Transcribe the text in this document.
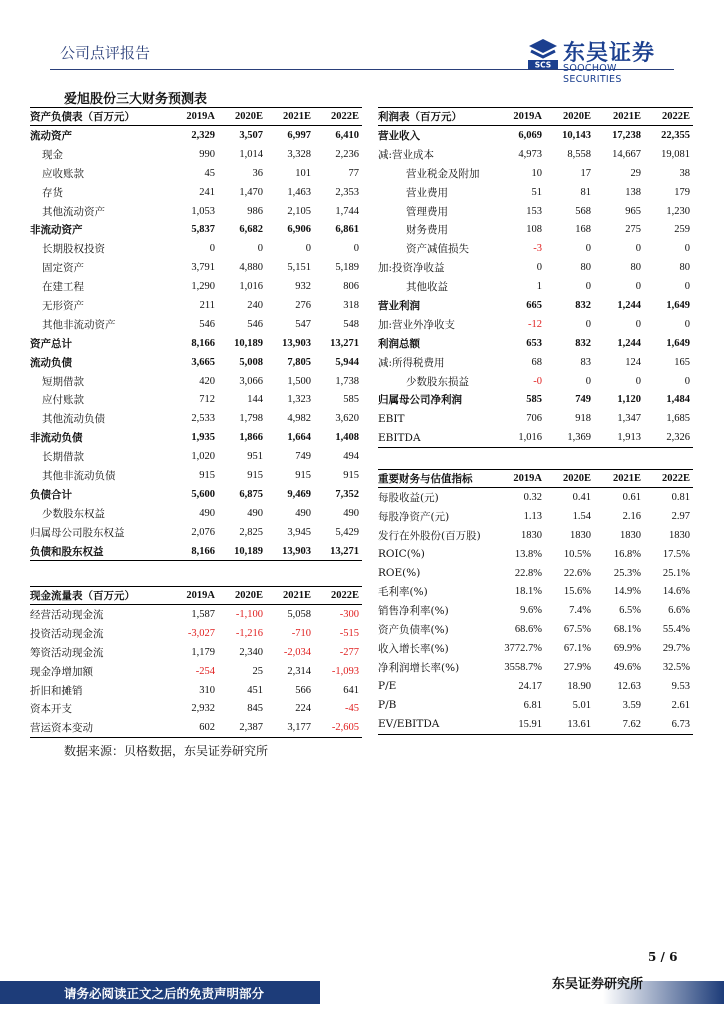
公司点评报告
SCS 东吴证券
SOOCHOW SECURITIES
爱旭股份三大财务预测表
资产负债表（百万元）	2019A	2020E	2021E	2022E
流动资产	2,329	3,507	6,997	6,410
现金	990	1,014	3,328	2,236
应收账款	45	36	101	77
存货	241	1,470	1,463	2,353
其他流动资产	1,053	986	2,105	1,744
非流动资产	5,837	6,682	6,906	6,861
长期股权投资	0	0	0	0
固定资产	3,791	4,880	5,151	5,189
在建工程	1,290	1,016	932	806
无形资产	211	240	276	318
其他非流动资产	546	546	547	548
资产总计	8,166	10,189	13,903	13,271
流动负债	3,665	5,008	7,805	5,944
短期借款	420	3,066	1,500	1,738
应付账款	712	144	1,323	585
其他流动负债	2,533	1,798	4,982	3,620
非流动负债	1,935	1,866	1,664	1,408
长期借款	1,020	951	749	494
其他非流动负债	915	915	915	915
负债合计	5,600	6,875	9,469	7,352
少数股东权益	490	490	490	490
归属母公司股东权益	2,076	2,825	3,945	5,429
负债和股东权益	8,166	10,189	13,903	13,271
利润表（百万元）	2019A	2020E	2021E	2022E
营业收入	6,069	10,143	17,238	22,355
减:营业成本	4,973	8,558	14,667	19,081
营业税金及附加	10	17	29	38
营业费用	51	81	138	179
管理费用	153	568	965	1,230
财务费用	108	168	275	259
资产减值损失	-3	0	0	0
加:投资净收益	0	80	80	80
其他收益	1	0	0	0
营业利润	665	832	1,244	1,649
加:营业外净收支	-12	0	0	0
利润总额	653	832	1,244	1,649
减:所得税费用	68	83	124	165
少数股东损益	-0	0	0	0
归属母公司净利润	585	749	1,120	1,484
EBIT	706	918	1,347	1,685
EBITDA	1,016	1,369	1,913	2,326
重要财务与估值指标	2019A	2020E	2021E	2022E
每股收益(元)	0.32	0.41	0.61	0.81
每股净资产(元)	1.13	1.54	2.16	2.97
发行在外股份(百万股)	1830	1830	1830	1830
ROIC(%)	13.8%	10.5%	16.8%	17.5%
ROE(%)	22.8%	22.6%	25.3%	25.1%
毛利率(%)	18.1%	15.6%	14.9%	14.6%
销售净利率(%)	9.6%	7.4%	6.5%	6.6%
资产负债率(%)	68.6%	67.5%	68.1%	55.4%
收入增长率(%)	3772.7%	67.1%	69.9%	29.7%
净利润增长率(%)	3558.7%	27.9%	49.6%	32.5%
P/E	24.17	18.90	12.63	9.53
P/B	6.81	5.01	3.59	2.61
EV/EBITDA	15.91	13.61	7.62	6.73
现金流量表（百万元）	2019A	2020E	2021E	2022E
经营活动现金流	1,587	-1,100	5,058	-300
投资活动现金流	-3,027	-1,216	-710	-515
筹资活动现金流	1,179	2,340	-2,034	-277
现金净增加额	-254	25	2,314	-1,093
折旧和摊销	310	451	566	641
资本开支	2,932	845	224	-45
营运资本变动	602	2,387	3,177	-2,605
数据来源：贝格数据，东吴证券研究所
5 / 6
请务必阅读正文之后的免责声明部分
东吴证券研究所
